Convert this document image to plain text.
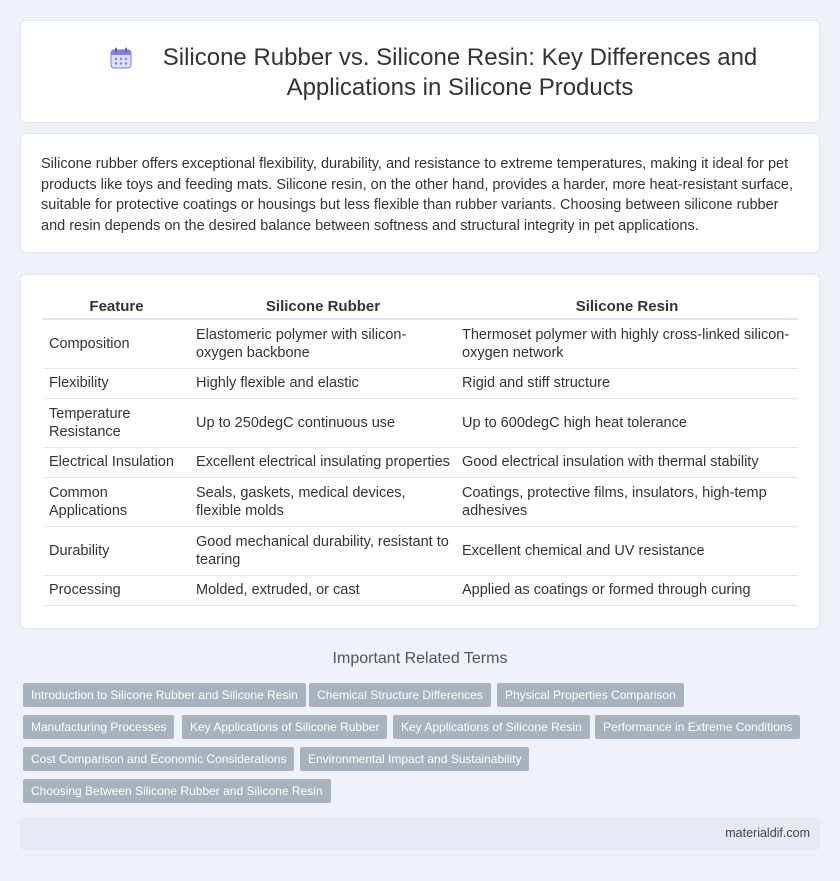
Silicone Rubber vs. Silicone Resin: Key Differences and Applications in Silicone Products

Silicone rubber offers exceptional flexibility, durability, and resistance to extreme temperatures, making it ideal for pet products like toys and feeding mats. Silicone resin, on the other hand, provides a harder, more heat-resistant surface, suitable for protective coatings or housings but less flexible than rubber variants. Choosing between silicone rubber and resin depends on the desired balance between softness and structural integrity in pet applications.

Feature	Silicone Rubber	Silicone Resin
Composition	Elastomeric polymer with silicon-oxygen backbone	Thermoset polymer with highly cross-linked silicon-oxygen network
Flexibility	Highly flexible and elastic	Rigid and stiff structure
Temperature Resistance	Up to 250degC continuous use	Up to 600degC high heat tolerance
Electrical Insulation	Excellent electrical insulating properties	Good electrical insulation with thermal stability
Common Applications	Seals, gaskets, medical devices, flexible molds	Coatings, protective films, insulators, high-temp adhesives
Durability	Good mechanical durability, resistant to tearing	Excellent chemical and UV resistance
Processing	Molded, extruded, or cast	Applied as coatings or formed through curing
Important Related Terms
Introduction to Silicone Rubber and Silicone Resin	Chemical Structure Differences	Physical Properties Comparison
Manufacturing Processes	Key Applications of Silicone Rubber	Key Applications of Silicone Resin	Performance in Extreme Conditions
Cost Comparison and Economic Considerations	Environmental Impact and Sustainability
Choosing Between Silicone Rubber and Silicone Resin
materialdif.com
